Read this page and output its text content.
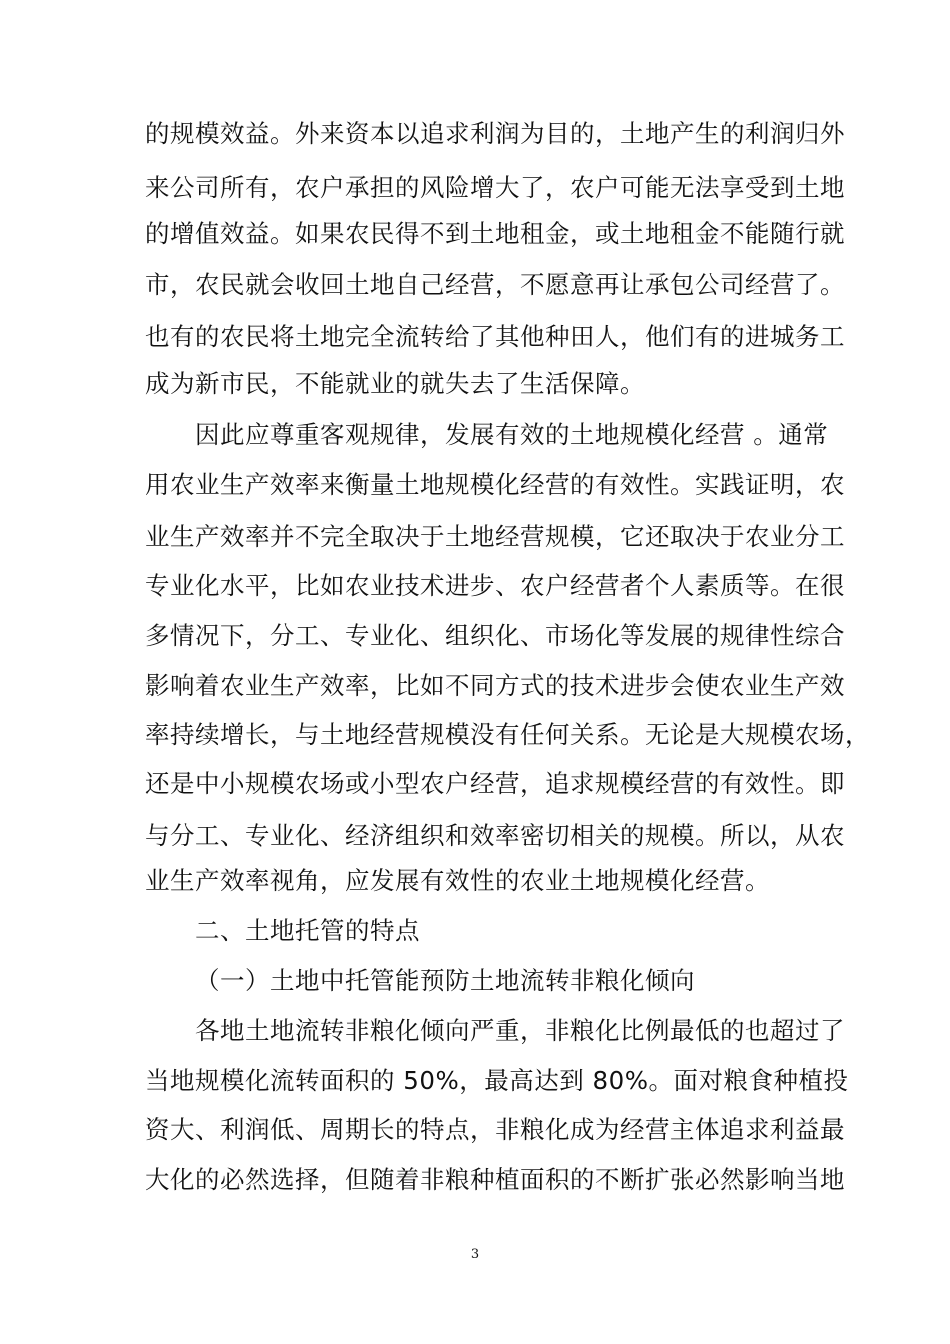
的规模效益。外来资本以追求利润为目的，土地产生的利润归外
来公司所有，农户承担的风险增大了，农户可能无法享受到土地
的增值效益。如果农民得不到土地租金，或土地租金不能随行就
市，农民就会收回土地自己经营，不愿意再让承包公司经营了。
也有的农民将土地完全流转给了其他种田人，他们有的进城务工
成为新市民，不能就业的就失去了生活保障。
因此应尊重客观规律，发展有效的土地规模化经营 。通常
用农业生产效率来衡量土地规模化经营的有效性。实践证明，农
业生产效率并不完全取决于土地经营规模，它还取决于农业分工
专业化水平，比如农业技术进步、农户经营者个人素质等。在很
多情况下，分工、专业化、组织化、市场化等发展的规律性综合
影响着农业生产效率，比如不同方式的技术进步会使农业生产效
率持续增长，与土地经营规模没有任何关系。无论是大规模农场，
还是中小规模农场或小型农户经营，追求规模经营的有效性。即
与分工、专业化、经济组织和效率密切相关的规模。所以，从农
业生产效率视角，应发展有效性的农业土地规模化经营。
二、土地托管的特点
（一）土地中托管能预防土地流转非粮化倾向
各地土地流转非粮化倾向严重，非粮化比例最低的也超过了
当地规模化流转面积的 50%，最高达到 80%。面对粮食种植投
资大、利润低、周期长的特点，非粮化成为经营主体追求利益最
大化的必然选择，但随着非粮种植面积的不断扩张必然影响当地
3
